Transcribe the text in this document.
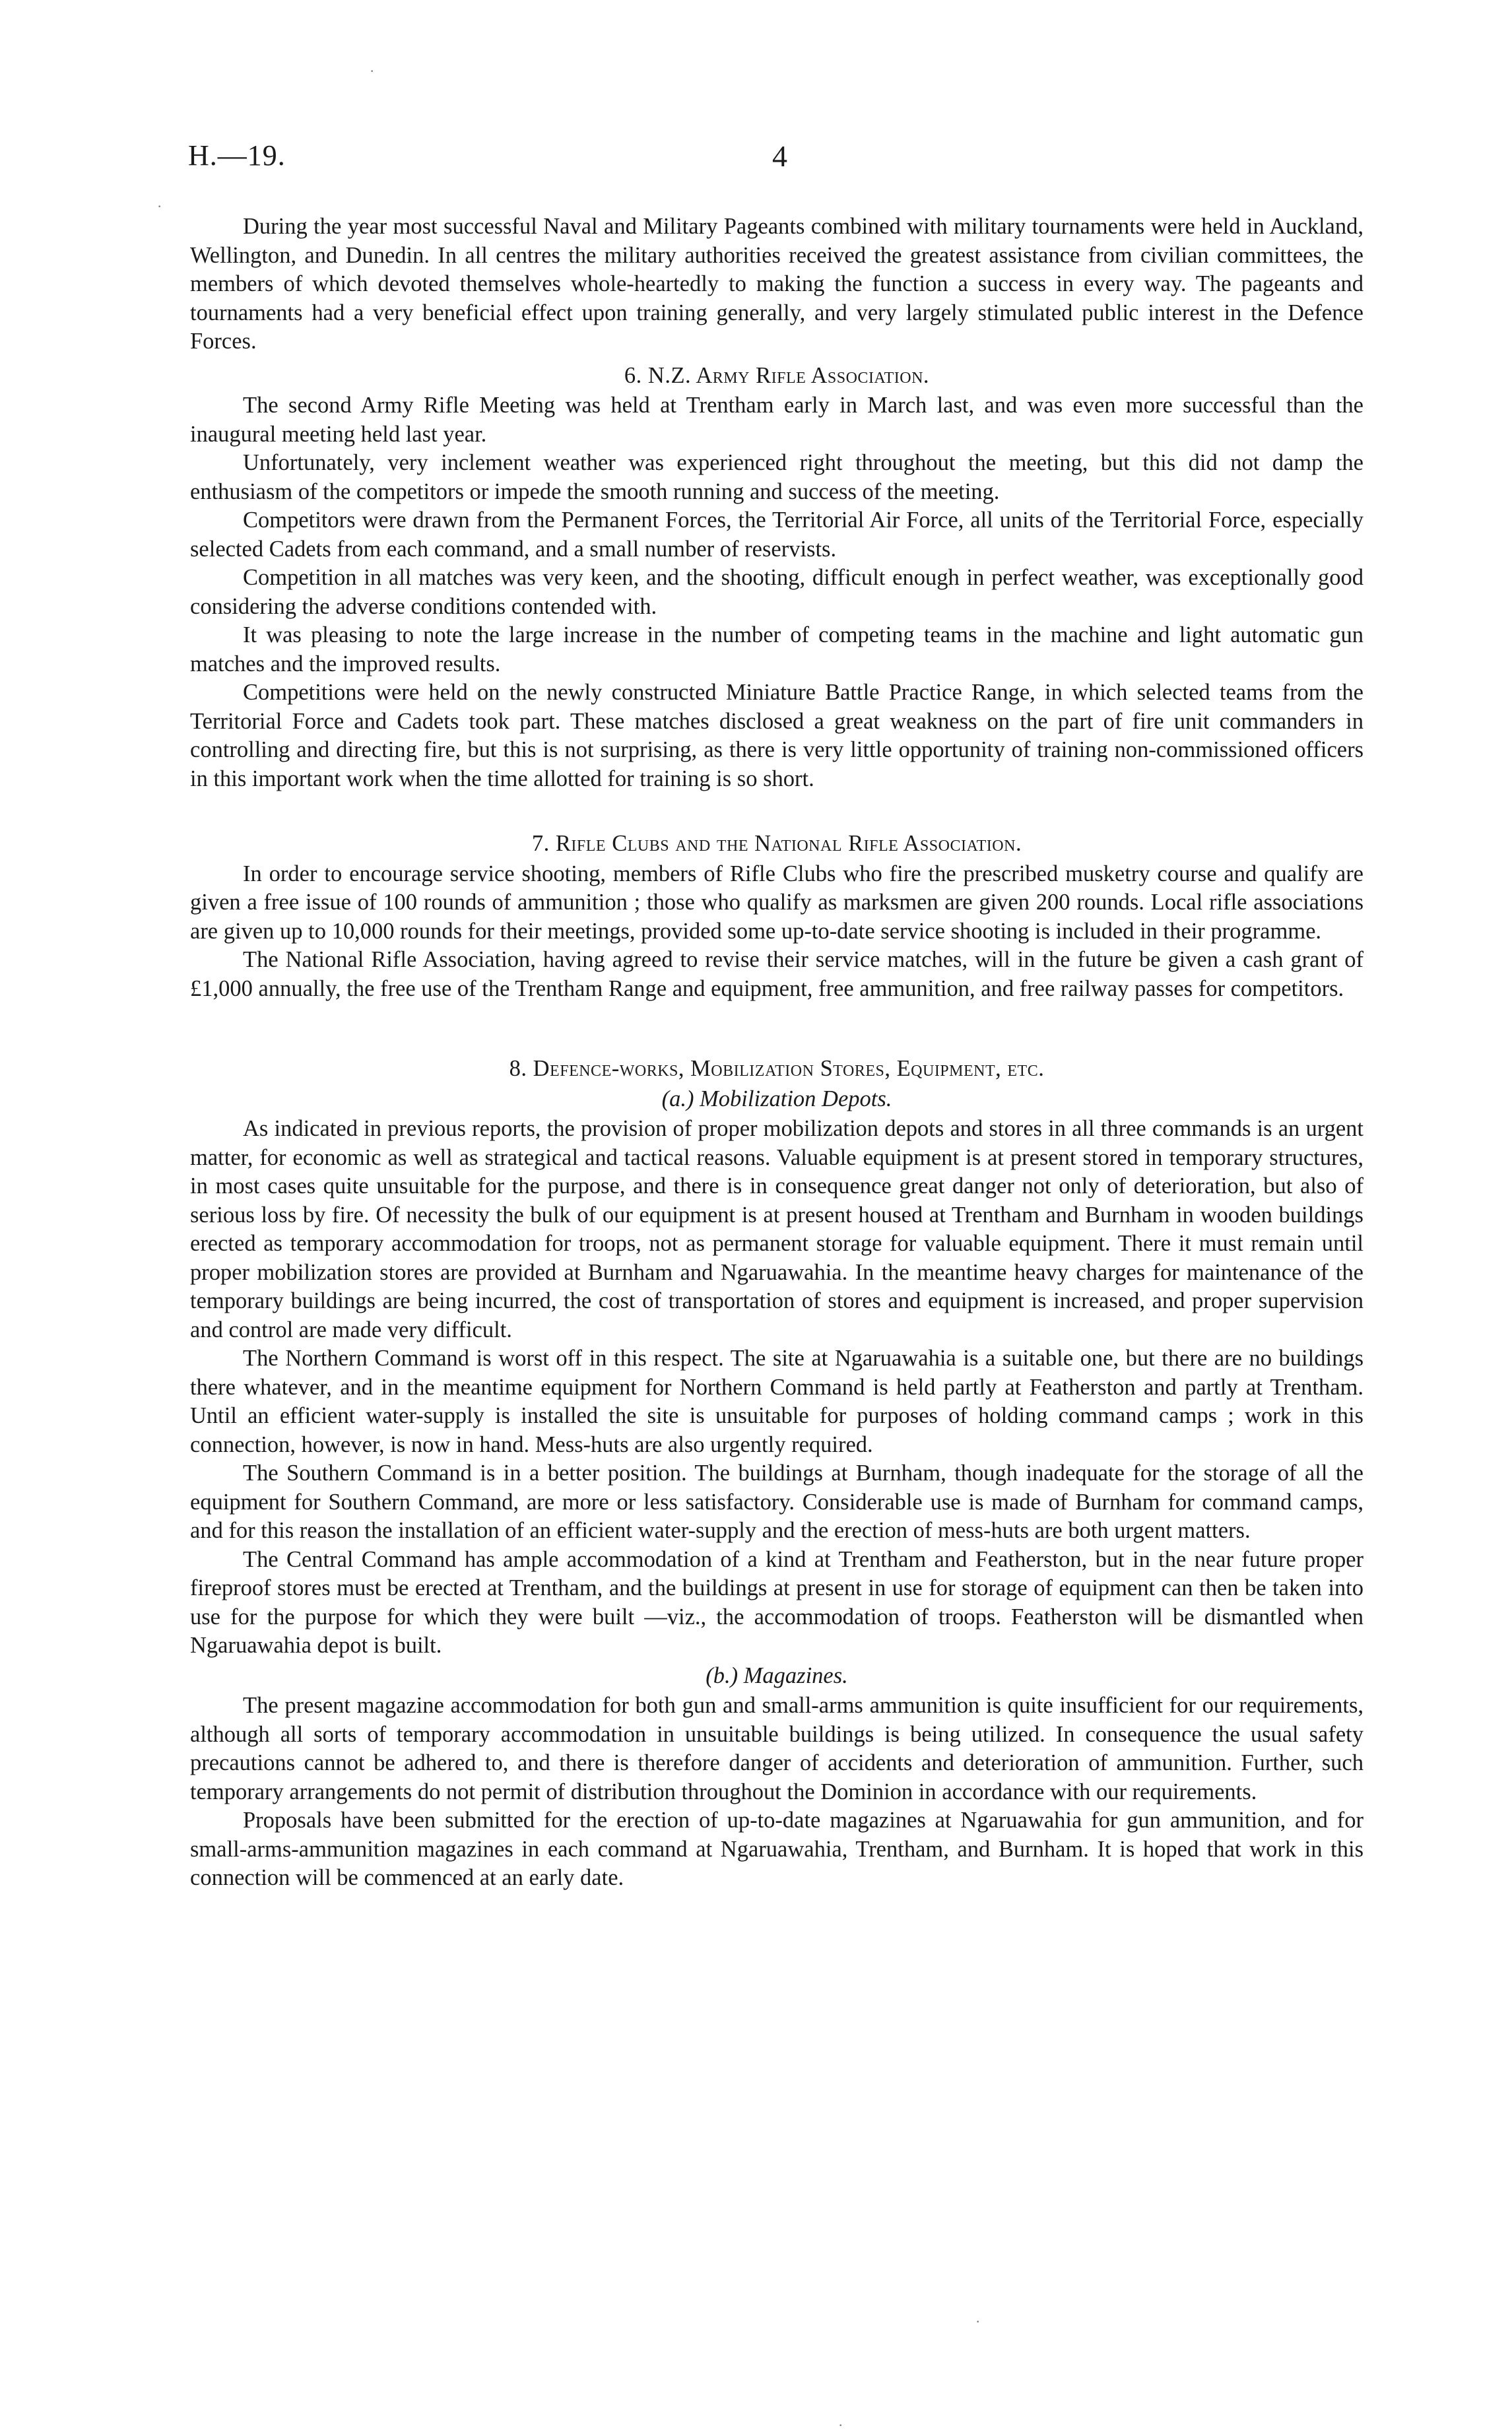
H.—19.	4

During the year most successful Naval and Military Pageants combined with military tournaments were held in Auckland, Wellington, and Dunedin. In all centres the military authorities received the greatest assistance from civilian committees, the members of which devoted themselves whole-heartedly to making the function a success in every way. The pageants and tournaments had a very beneficial effect upon training generally, and very largely stimulated public interest in the Defence Forces.

6. N.Z. Army Rifle Association.

The second Army Rifle Meeting was held at Trentham early in March last, and was even more successful than the inaugural meeting held last year.

Unfortunately, very inclement weather was experienced right throughout the meeting, but this did not damp the enthusiasm of the competitors or impede the smooth running and success of the meeting.

Competitors were drawn from the Permanent Forces, the Territorial Air Force, all units of the Territorial Force, especially selected Cadets from each command, and a small number of reservists.

Competition in all matches was very keen, and the shooting, difficult enough in perfect weather, was exceptionally good considering the adverse conditions contended with.

It was pleasing to note the large increase in the number of competing teams in the machine and light automatic gun matches and the improved results.

Competitions were held on the newly constructed Miniature Battle Practice Range, in which selected teams from the Territorial Force and Cadets took part. These matches disclosed a great weakness on the part of fire unit commanders in controlling and directing fire, but this is not surprising, as there is very little opportunity of training non-commissioned officers in this important work when the time allotted for training is so short.

7. Rifle Clubs and the National Rifle Association.

In order to encourage service shooting, members of Rifle Clubs who fire the prescribed musketry course and qualify are given a free issue of 100 rounds of ammunition ; those who qualify as marksmen are given 200 rounds. Local rifle associations are given up to 10,000 rounds for their meetings, provided some up-to-date service shooting is included in their programme.

The National Rifle Association, having agreed to revise their service matches, will in the future be given a cash grant of £1,000 annually, the free use of the Trentham Range and equipment, free ammunition, and free railway passes for competitors.

8. Defence-works, Mobilization Stores, Equipment, etc.
(a.) Mobilization Depots.

As indicated in previous reports, the provision of proper mobilization depots and stores in all three commands is an urgent matter, for economic as well as strategical and tactical reasons. Valuable equipment is at present stored in temporary structures, in most cases quite unsuitable for the purpose, and there is in consequence great danger not only of deterioration, but also of serious loss by fire. Of necessity the bulk of our equipment is at present housed at Trentham and Burnham in wooden buildings erected as temporary accommodation for troops, not as permanent storage for valuable equipment. There it must remain until proper mobilization stores are provided at Burnham and Ngaruawahia. In the meantime heavy charges for maintenance of the temporary buildings are being incurred, the cost of transportation of stores and equipment is increased, and proper supervision and control are made very difficult.

The Northern Command is worst off in this respect. The site at Ngaruawahia is a suitable one, but there are no buildings there whatever, and in the meantime equipment for Northern Command is held partly at Featherston and partly at Trentham. Until an efficient water-supply is installed the site is unsuitable for purposes of holding command camps ; work in this connection, however, is now in hand. Mess-huts are also urgently required.

The Southern Command is in a better position. The buildings at Burnham, though inadequate for the storage of all the equipment for Southern Command, are more or less satisfactory. Considerable use is made of Burnham for command camps, and for this reason the installation of an efficient water-supply and the erection of mess-huts are both urgent matters.

The Central Command has ample accommodation of a kind at Trentham and Featherston, but in the near future proper fireproof stores must be erected at Trentham, and the buildings at present in use for storage of equipment can then be taken into use for the purpose for which they were built —viz., the accommodation of troops. Featherston will be dismantled when Ngaruawahia depot is built.

(b.) Magazines.

The present magazine accommodation for both gun and small-arms ammunition is quite insufficient for our requirements, although all sorts of temporary accommodation in unsuitable buildings is being utilized. In consequence the usual safety precautions cannot be adhered to, and there is therefore danger of accidents and deterioration of ammunition. Further, such temporary arrangements do not permit of distribution throughout the Dominion in accordance with our requirements.

Proposals have been submitted for the erection of up-to-date magazines at Ngaruawahia for gun ammunition, and for small-arms-ammunition magazines in each command at Ngaruawahia, Trentham, and Burnham. It is hoped that work in this connection will be commenced at an early date.

·
·
·
·
